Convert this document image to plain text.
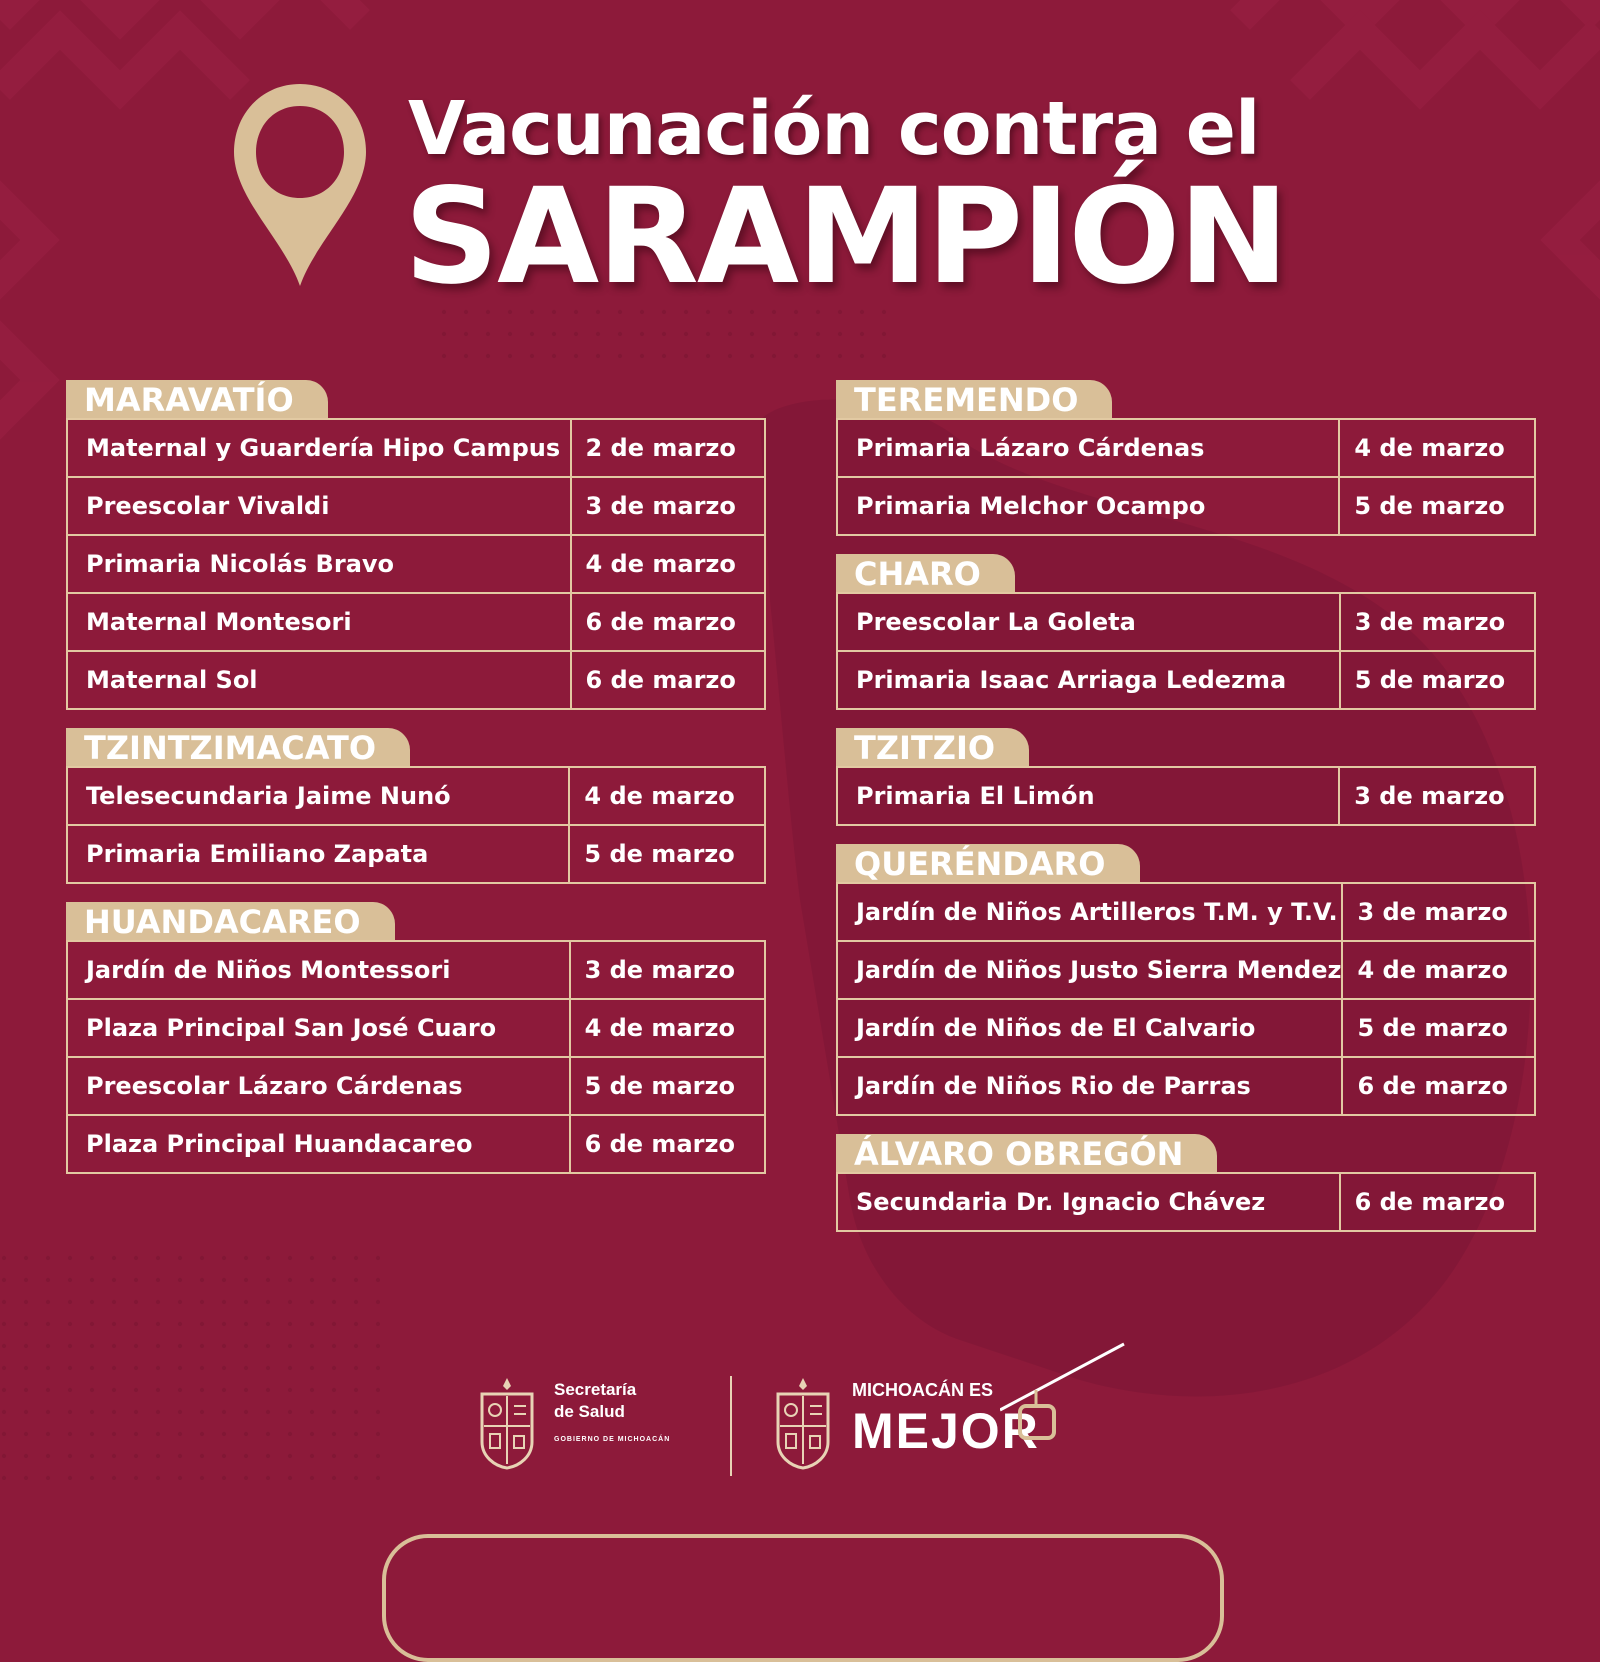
Vacunación contra el
SARAMPIÓN
MARAVATÍO
Maternal y Guardería Hipo Campus	2 de marzo
Preescolar Vivaldi	3 de marzo
Primaria Nicolás Bravo	4 de marzo
Maternal Montesori	6 de marzo
Maternal Sol	6 de marzo
TZINTZIMACATO
Telesecundaria Jaime Nunó	4 de marzo
Primaria Emiliano Zapata	5 de marzo
HUANDACAREO
Jardín de Niños Montessori	3 de marzo
Plaza Principal San José Cuaro	4 de marzo
Preescolar Lázaro Cárdenas	5 de marzo
Plaza Principal Huandacareo	6 de marzo
TEREMENDO
Primaria Lázaro Cárdenas	4 de marzo
Primaria Melchor Ocampo	5 de marzo
CHARO
Preescolar La Goleta	3 de marzo
Primaria Isaac Arriaga Ledezma	5 de marzo
TZITZIO
Primaria El Limón	3 de marzo
QUERÉNDARO
Jardín de Niños Artilleros T.M. y T.V.	3 de marzo
Jardín de Niños Justo Sierra Mendez	4 de marzo
Jardín de Niños de El Calvario	5 de marzo
Jardín de Niños Rio de Parras	6 de marzo
ÁLVARO OBREGÓN
Secundaria Dr. Ignacio Chávez	6 de marzo
Secretaría
de Salud
GOBIERNO DE MICHOACÁN
MICHOACÁN ES
MEJOR
